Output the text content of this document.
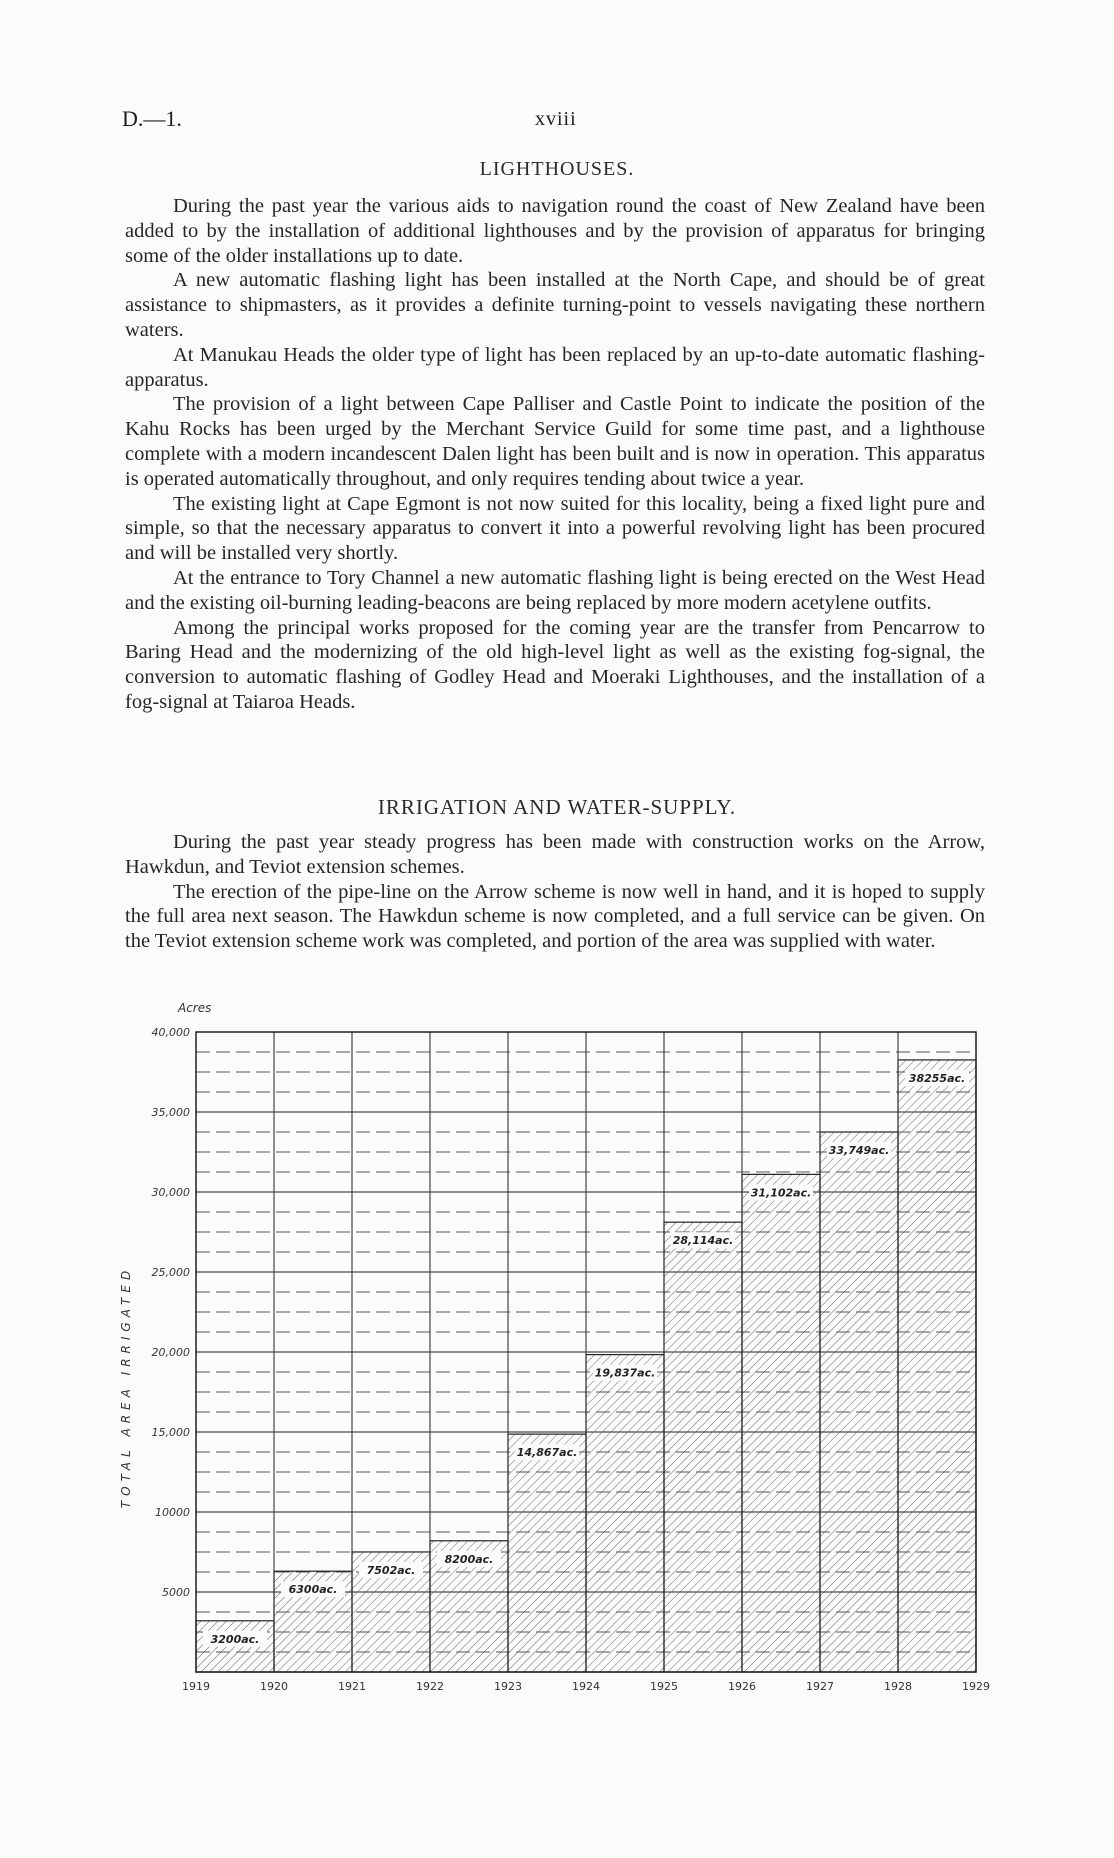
D.—1.	xviii
LIGHTHOUSES.

During the past year the various aids to navigation round the coast of New Zealand have been added to by the installation of additional lighthouses and by the provision of apparatus for bringing some of the older installations up to date.

A new automatic flashing light has been installed at the North Cape, and should be of great assistance to shipmasters, as it provides a definite turning-point to vessels navigating these northern waters.

At Manukau Heads the older type of light has been replaced by an up-to-date automatic flashing-apparatus.

The provision of a light between Cape Palliser and Castle Point to indicate the position of the Kahu Rocks has been urged by the Merchant Service Guild for some time past, and a lighthouse complete with a modern incandescent Dalen light has been built and is now in operation. This apparatus is operated automatically throughout, and only requires tending about twice a year.

The existing light at Cape Egmont is not now suited for this locality, being a fixed light pure and simple, so that the necessary apparatus to convert it into a powerful revolving light has been procured and will be installed very shortly.

At the entrance to Tory Channel a new automatic flashing light is being erected on the West Head and the existing oil-burning leading-beacons are being replaced by more modern acetylene outfits.

Among the principal works proposed for the coming year are the transfer from Pencarrow to Baring Head and the modernizing of the old high-level light as well as the existing fog-signal, the conversion to automatic flashing of Godley Head and Moeraki Lighthouses, and the installation of a fog-signal at Taiaroa Heads.

IRRIGATION AND WATER-SUPPLY.

During the past year steady progress has been made with construction works on the Arrow, Hawkdun, and Teviot extension schemes.

The erection of the pipe-line on the Arrow scheme is now well in hand, and it is hoped to supply the full area next season. The Hawkdun scheme is now completed, and a full service can be given. On the Teviot extension scheme work was completed, and portion of the area was supplied with water.

5000
10000
15,000
20,000
25,000
30,000
35,000
40,000
1919	1920	1921	1922	1923	1924	1925	1926	1927	1928	1929
3200ac.
6300ac.
7502ac.
8200ac.
14,867ac.
19,837ac.
28,114ac.
31,102ac.
33,749ac.
38255ac.
Acres
TOTAL AREA IRRIGATED
